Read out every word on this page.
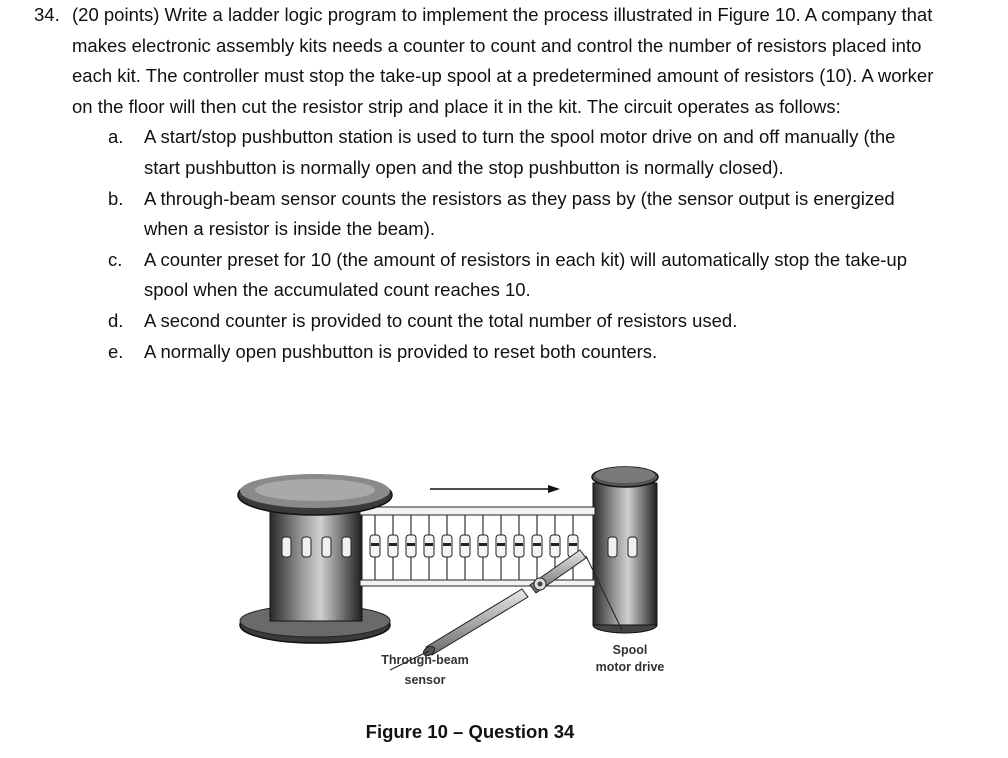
34. (20 points) Write a ladder logic program to implement the process illustrated in Figure 10. A company that makes electronic assembly kits needs a counter to count and control the number of resistors placed into each kit. The controller must stop the take-up spool at a predetermined amount of resistors (10). A worker on the floor will then cut the resistor strip and place it in the kit. The circuit operates as follows:
a. A start/stop pushbutton station is used to turn the spool motor drive on and off manually (the start pushbutton is normally open and the stop pushbutton is normally closed).
b. A through-beam sensor counts the resistors as they pass by (the sensor output is energized when a resistor is inside the beam).
c. A counter preset for 10 (the amount of resistors in each kit) will automatically stop the take-up spool when the accumulated count reaches 10.
d. A second counter is provided to count the total number of resistors used.
e. A normally open pushbutton is provided to reset both counters.
Through-beam
sensor
Spool
motor drive
Figure 10 – Question 34
